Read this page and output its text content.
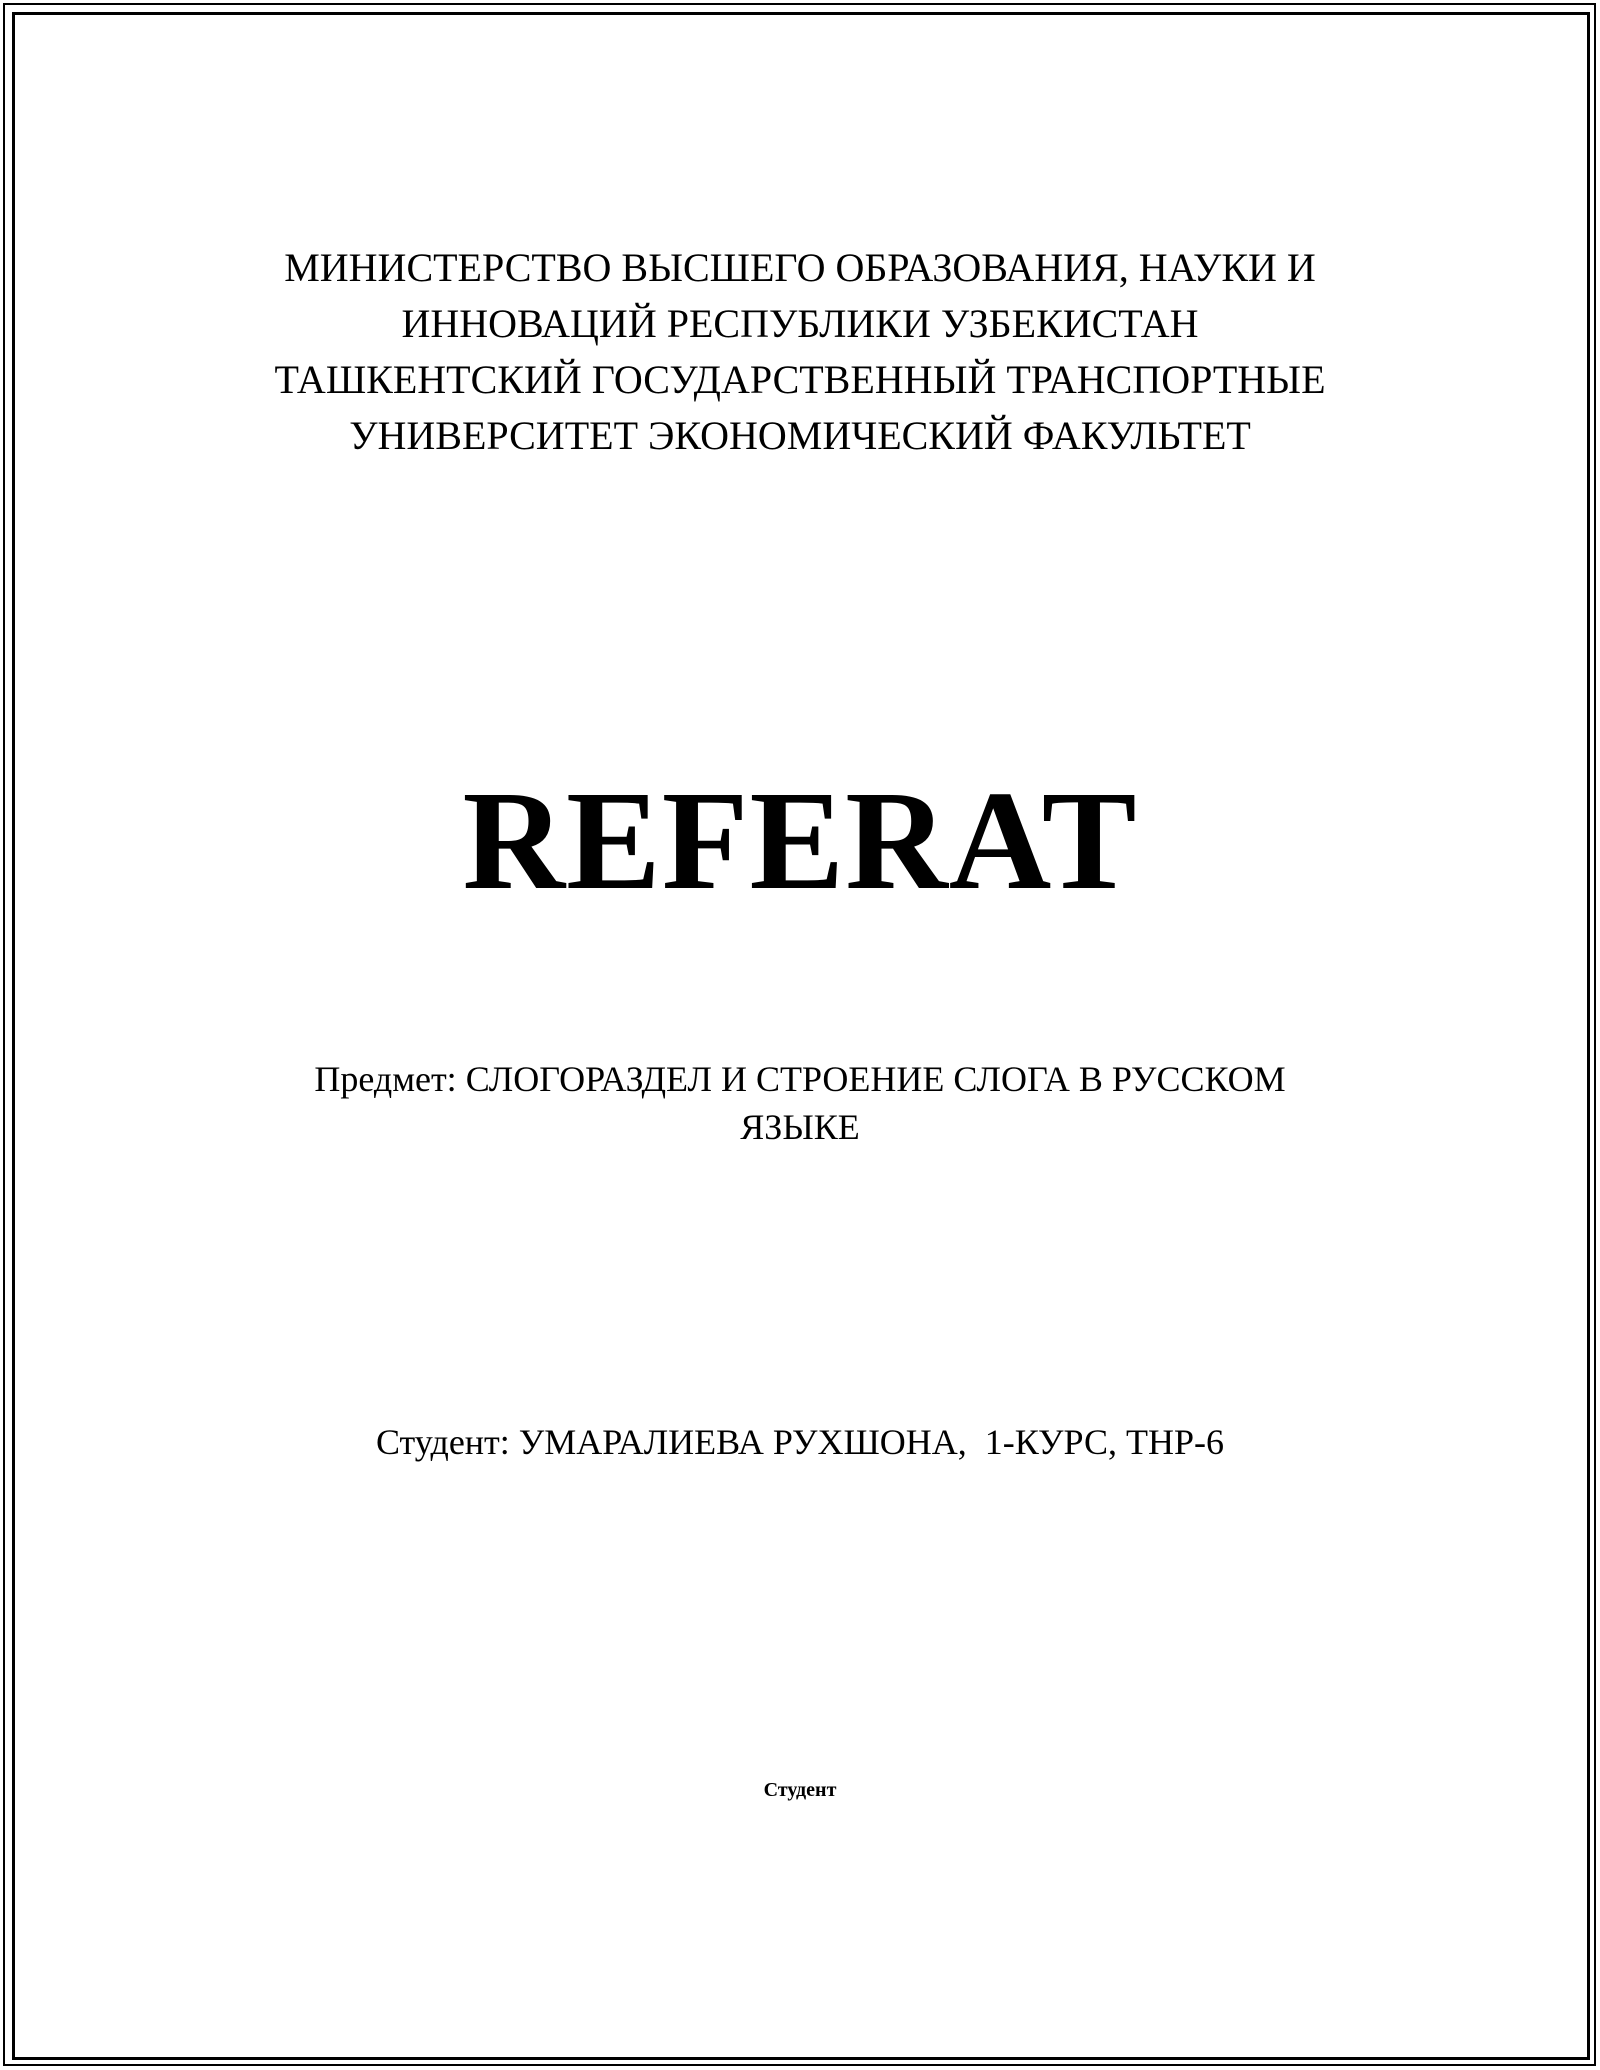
МИНИСТЕРСТВО ВЫСШЕГО ОБРАЗОВАНИЯ, НАУКИ И
ИННОВАЦИЙ РЕСПУБЛИКИ УЗБЕКИСТАН
ТАШКЕНТСКИЙ ГОСУДАРСТВЕННЫЙ ТРАНСПОРТНЫЕ
УНИВЕРСИТЕТ ЭКОНОМИЧЕСКИЙ ФАКУЛЬТЕТ
REFERAT
Предмет: СЛОГОРАЗДЕЛ И СТРОЕНИЕ СЛОГА В РУССКОМ
ЯЗЫКЕ
Студент: УМАРАЛИЕВА РУХШОНА,  1-КУРС, THP-6
Студент
